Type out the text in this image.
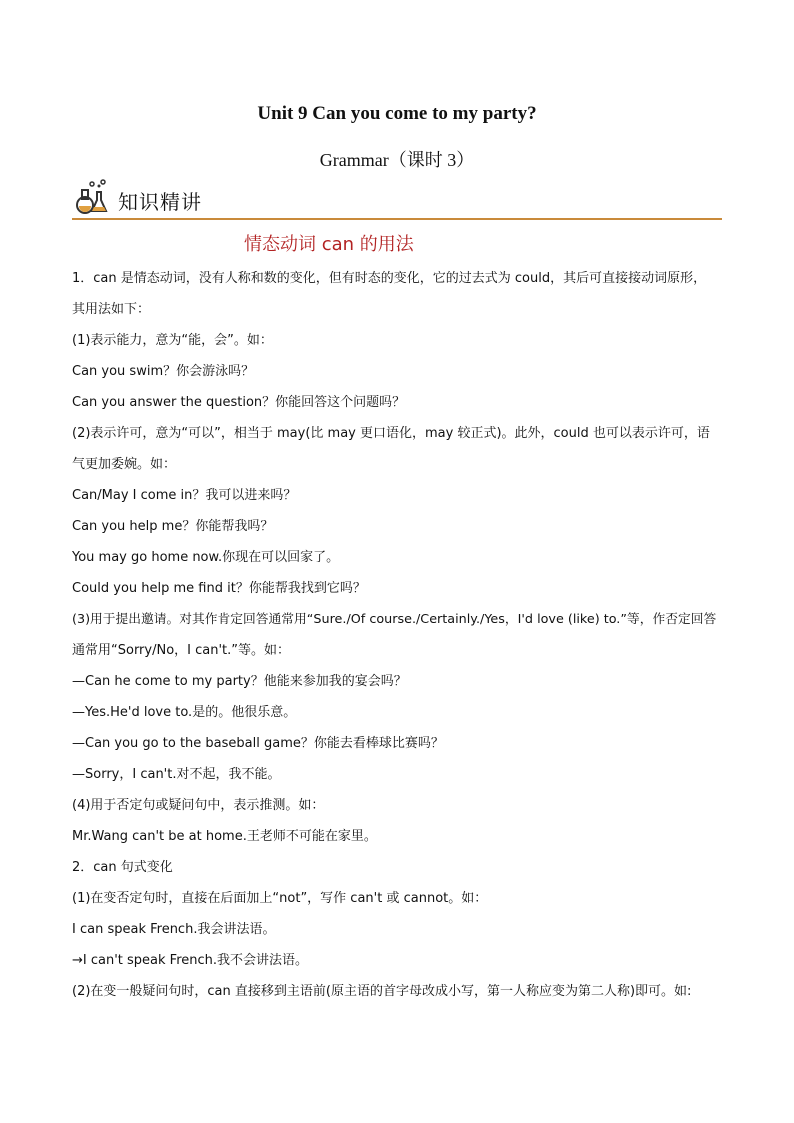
Unit 9 Can you come to my party?
Grammar（课时 3）
知识精讲
情态动词 can 的用法

1．can 是情态动词，没有人称和数的变化，但有时态的变化，它的过去式为 could，其后可直接接动词原形，

其用法如下：

(1)表示能力，意为“能，会”。如：

Can you swim？你会游泳吗？

Can you answer the question？你能回答这个问题吗？

(2)表示许可，意为“可以”，相当于 may(比 may 更口语化，may 较正式)。此外，could 也可以表示许可，语

气更加委婉。如：

Can/May I come in？我可以进来吗？

Can you help me？你能帮我吗？

You may go home now.你现在可以回家了。

Could you help me find it？你能帮我找到它吗？

(3)用于提出邀请。对其作肯定回答通常用“Sure./Of course./Certainly./Yes，I'd love (like) to.”等，作否定回答

通常用“Sorry/No，I can't.”等。如：

—Can he come to my party？他能来参加我的宴会吗？

—Yes.He'd love to.是的。他很乐意。

—Can you go to the baseball game？你能去看棒球比赛吗？

—Sorry，I can't.对不起，我不能。

(4)用于否定句或疑问句中，表示推测。如：

Mr.Wang can't be at home.王老师不可能在家里。

2．can 句式变化

(1)在变否定句时，直接在后面加上“not”，写作 can't 或 cannot。如：

I can speak French.我会讲法语。

→I can't speak French.我不会讲法语。

(2)在变一般疑问句时，can 直接移到主语前(原主语的首字母改成小写，第一人称应变为第二人称)即可。如:
